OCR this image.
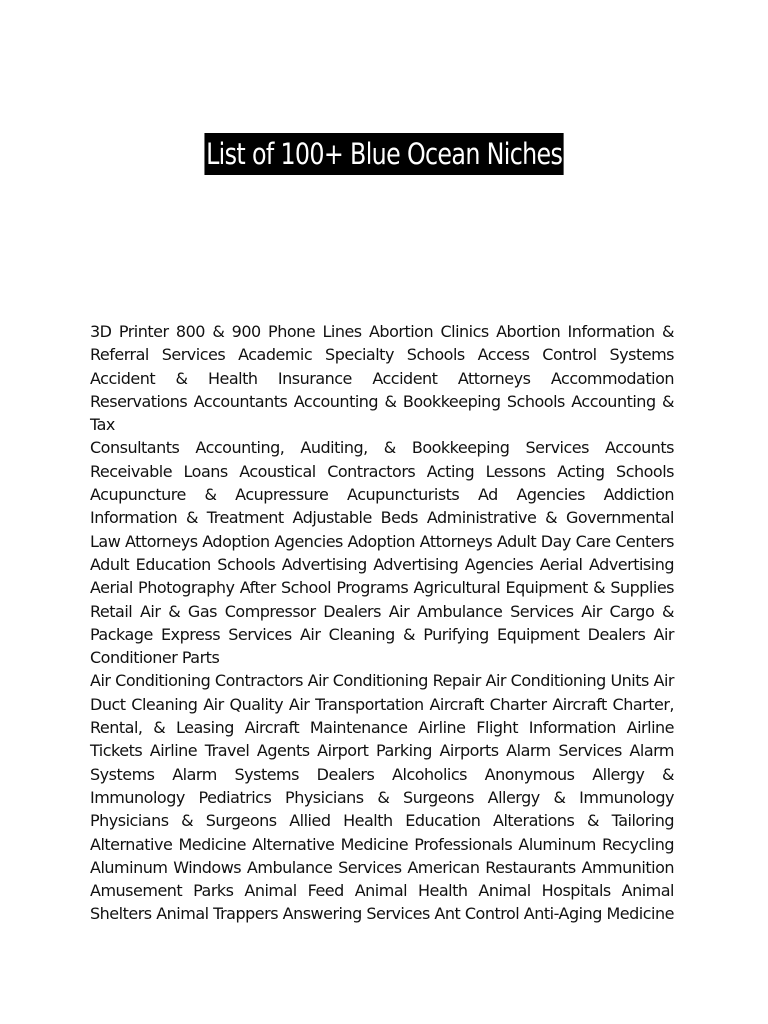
List of 100+ Blue Ocean Niches

3D Printer 800 & 900 Phone Lines Abortion Clinics Abortion Information & Referral Services Academic Specialty Schools Access Control Systems Accident & Health Insurance Accident Attorneys Accommodation Reservations Accountants Accounting & Bookkeeping Schools Accounting & Tax

Consultants Accounting, Auditing, & Bookkeeping Services Accounts Receivable Loans Acoustical Contractors Acting Lessons Acting Schools Acupuncture & Acupressure Acupuncturists Ad Agencies Addiction Information & Treatment Adjustable Beds Administrative & Governmental Law Attorneys Adoption Agencies Adoption Attorneys Adult Day Care Centers Adult Education Schools Advertising Advertising Agencies Aerial Advertising Aerial Photography After School Programs Agricultural Equipment & Supplies Retail Air & Gas Compressor Dealers Air Ambulance Services Air Cargo & Package Express Services Air Cleaning & Purifying Equipment Dealers Air Conditioner Parts

Air Conditioning Contractors Air Conditioning Repair Air Conditioning Units Air Duct Cleaning Air Quality Air Transportation Aircraft Charter Aircraft Charter, Rental, & Leasing Aircraft Maintenance Airline Flight Information Airline Tickets Airline Travel Agents Airport Parking Airports Alarm Services Alarm Systems Alarm Systems Dealers Alcoholics Anonymous Allergy & Immunology Pediatrics Physicians & Surgeons Allergy & Immunology Physicians & Surgeons Allied Health Education Alterations & Tailoring Alternative Medicine Alternative Medicine Professionals Aluminum Recycling Aluminum Windows Ambulance Services American Restaurants Ammunition Amusement Parks Animal Feed Animal Health Animal Hospitals Animal Shelters Animal Trappers Answering Services Ant Control Anti-Aging Medicine
